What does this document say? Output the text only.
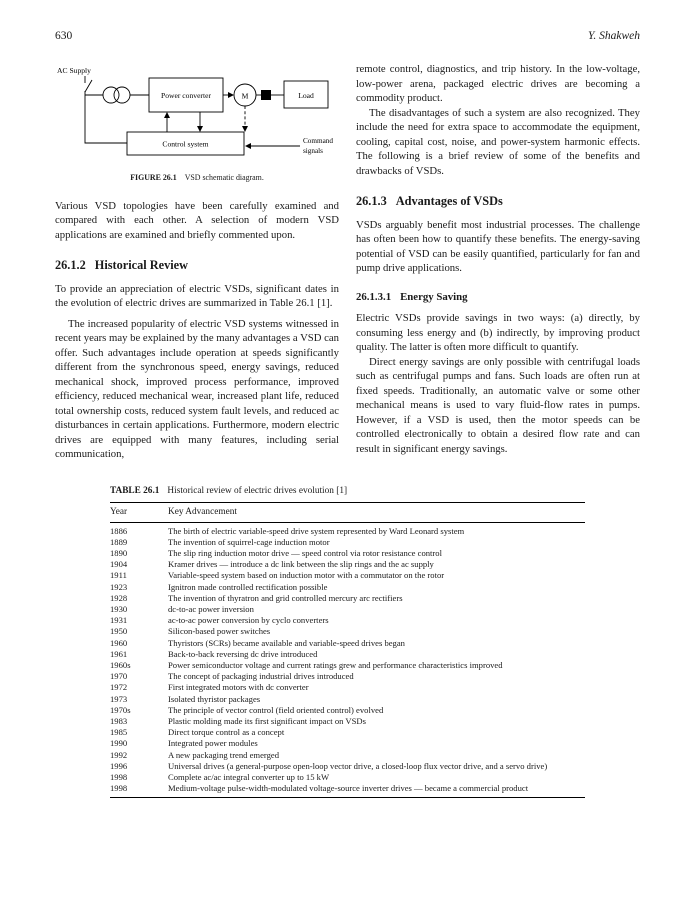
630	Y. Shakweh
AC Supply
Power converter	M	Load
Control system	Command
signals
FIGURE 26.1 VSD schematic diagram.

Various VSD topologies have been carefully examined and compared with each other. A selection of modern VSD applications are examined and briefly commented upon.

26.1.2 Historical Review

To provide an appreciation of electric VSDs, significant dates in the evolution of electric drives are summarized in Table 26.1 [1].

The increased popularity of electric VSD systems witnessed in recent years may be explained by the many advantages a VSD can offer. Such advantages include operation at speeds significantly different from the synchronous speed, energy savings, reduced mechanical shock, improved process performance, improved efficiency, reduced mechanical wear, increased plant life, reduced total ownership costs, reduced system fault levels, and reduced ac disturbances in certain applications. Furthermore, modern electric drives are equipped with many features, including serial communication,

remote control, diagnostics, and trip history. In the low-voltage, low-power arena, packaged electric drives are becoming a commodity product.

The disadvantages of such a system are also recognized. They include the need for extra space to accommodate the equipment, cooling, capital cost, noise, and power-system harmonic effects. The following is a brief review of some of the benefits and drawbacks of VSDs.

26.1.3 Advantages of VSDs

VSDs arguably benefit most industrial processes. The challenge has often been how to quantify these benefits. The energy-saving potential of VSD can be easily quantified, particularly for fan and pump drive applications.

26.1.3.1 Energy Saving

Electric VSDs provide savings in two ways: (a) directly, by consuming less energy and (b) indirectly, by improving product quality. The latter is often more difficult to quantify.

Direct energy savings are only possible with centrifugal loads such as centrifugal pumps and fans. Such loads are often run at fixed speeds. Traditionally, an automatic valve or some other mechanical means is used to vary fluid-flow rates in pumps. However, if a VSD is used, then the motor speeds can be controlled electronically to obtain a desired flow rate and can result in significant energy savings.

TABLE 26.1 Historical review of electric drives evolution [1]
Year	Key Advancement
1886	The birth of electric variable-speed drive system represented by Ward Leonard system
1889	The invention of squirrel-cage induction motor
1890	The slip ring induction motor drive — speed control via rotor resistance control
1904	Kramer drives — introduce a dc link between the slip rings and the ac supply
1911	Variable-speed system based on induction motor with a commutator on the rotor
1923	Ignitron made controlled rectification possible
1928	The invention of thyratron and grid controlled mercury arc rectifiers
1930	dc-to-ac power inversion
1931	ac-to-ac power conversion by cyclo converters
1950	Silicon-based power switches
1960	Thyristors (SCRs) became available and variable-speed drives began
1961	Back-to-back reversing dc drive introduced
1960s	Power semiconductor voltage and current ratings grew and performance characteristics improved
1970	The concept of packaging industrial drives introduced
1972	First integrated motors with dc converter
1973	Isolated thyristor packages
1970s	The principle of vector control (field oriented control) evolved
1983	Plastic molding made its first significant impact on VSDs
1985	Direct torque control as a concept
1990	Integrated power modules
1992	A new packaging trend emerged
1996	Universal drives (a general-purpose open-loop vector drive, a closed-loop flux vector drive, and a servo drive)
1998	Complete ac/ac integral converter up to 15 kW
1998	Medium-voltage pulse-width-modulated voltage-source inverter drives — became a commercial product
